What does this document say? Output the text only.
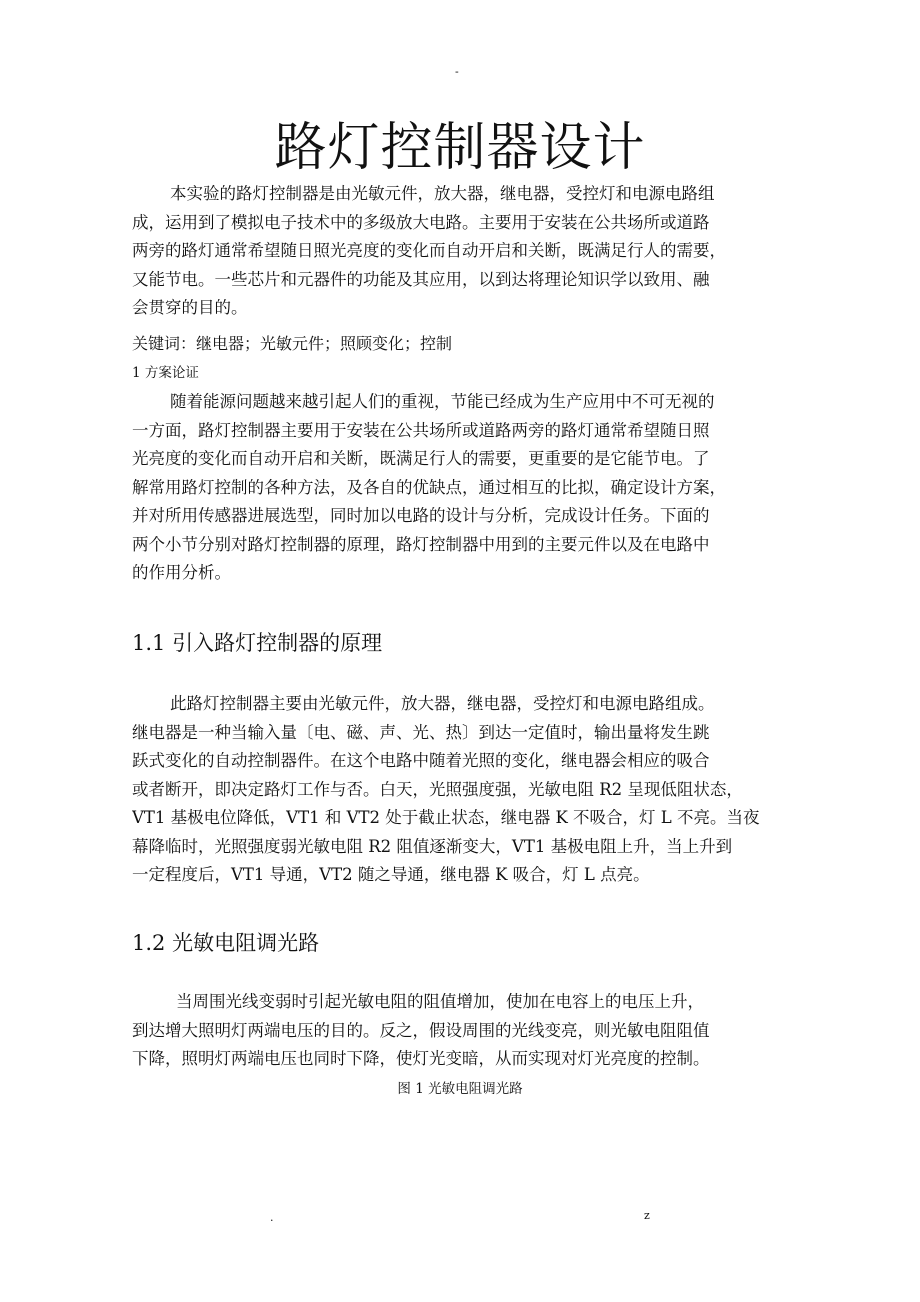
-
路灯控制器设计
本实验的路灯控制器是由光敏元件，放大器，继电器，受控灯和电源电路组
成，运用到了模拟电子技术中的多级放大电路。主要用于安装在公共场所或道路
两旁的路灯通常希望随日照光亮度的变化而自动开启和关断，既满足行人的需要，
又能节电。一些芯片和元器件的功能及其应用，以到达将理论知识学以致用、融
会贯穿的目的。

关键词：继电器；光敏元件；照顾变化；控制

1 方案论证

随着能源问题越来越引起人们的重视，节能已经成为生产应用中不可无视的
一方面，路灯控制器主要用于安装在公共场所或道路两旁的路灯通常希望随日照
光亮度的变化而自动开启和关断，既满足行人的需要，更重要的是它能节电。了
解常用路灯控制的各种方法，及各自的优缺点，通过相互的比拟，确定设计方案，
并对所用传感器进展选型，同时加以电路的设计与分析，完成设计任务。下面的
两个小节分别对路灯控制器的原理，路灯控制器中用到的主要元件以及在电路中
的作用分析。
1.1 引入路灯控制器的原理
此路灯控制器主要由光敏元件，放大器，继电器，受控灯和电源电路组成。
继电器是一种当输入量〔电、磁、声、光、热〕到达一定值时，输出量将发生跳
跃式变化的自动控制器件。在这个电路中随着光照的变化，继电器会相应的吸合
或者断开，即决定路灯工作与否。白天，光照强度强，光敏电阻 R2 呈现低阻状态，
VT1 基极电位降低，VT1 和 VT2 处于截止状态，继电器 K 不吸合，灯 L 不亮。当夜
幕降临时，光照强度弱光敏电阻 R2 阻值逐渐变大，VT1 基极电阻上升，当上升到
一定程度后，VT1 导通，VT2 随之导通，继电器 K 吸合，灯 L 点亮。
1.2 光敏电阻调光路
当周围光线变弱时引起光敏电阻的阻值增加，使加在电容上的电压上升，
到达增大照明灯两端电压的目的。反之，假设周围的光线变亮，则光敏电阻阻值
下降，照明灯两端电压也同时下降，使灯光变暗，从而实现对灯光亮度的控制。

图 1 光敏电阻调光路

.	z
